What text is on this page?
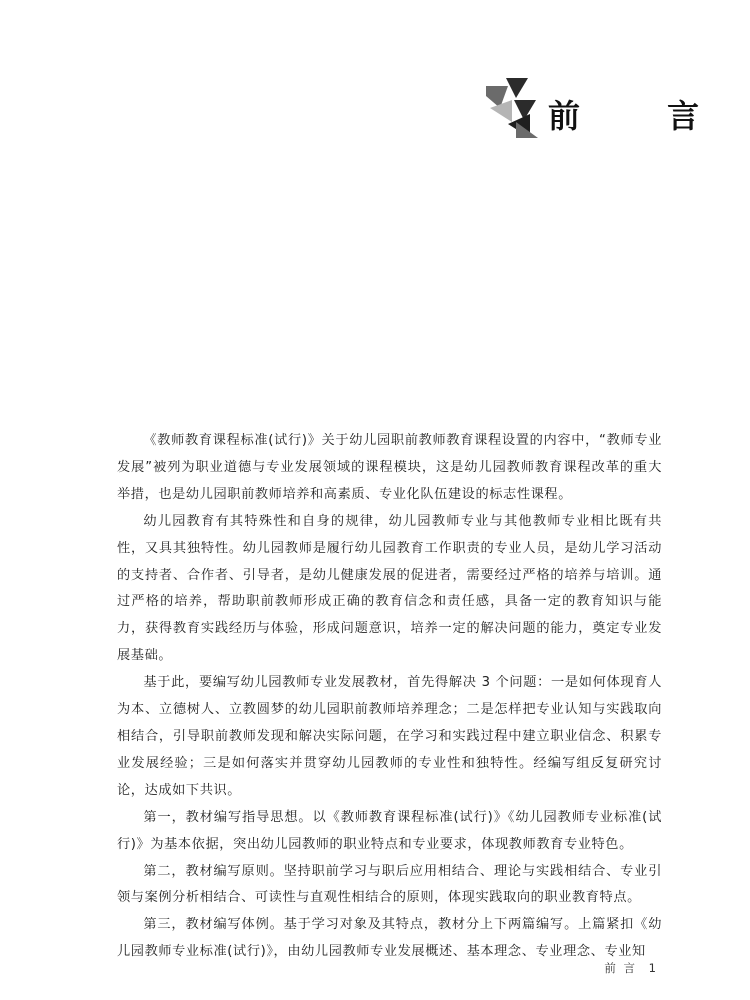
前 言

《教师教育课程标准(试行)》关于幼儿园职前教师教育课程设置的内容中，“教师专业发展”被列为职业道德与专业发展领域的课程模块，这是幼儿园教师教育课程改革的重大举措，也是幼儿园职前教师培养和高素质、专业化队伍建设的标志性课程。

幼儿园教育有其特殊性和自身的规律，幼儿园教师专业与其他教师专业相比既有共性，又具其独特性。幼儿园教师是履行幼儿园教育工作职责的专业人员，是幼儿学习活动的支持者、合作者、引导者，是幼儿健康发展的促进者，需要经过严格的培养与培训。通过严格的培养，帮助职前教师形成正确的教育信念和责任感，具备一定的教育知识与能力，获得教育实践经历与体验，形成问题意识，培养一定的解决问题的能力，奠定专业发展基础。

基于此，要编写幼儿园教师专业发展教材，首先得解决 3 个问题：一是如何体现育人为本、立德树人、立教圆梦的幼儿园职前教师培养理念；二是怎样把专业认知与实践取向相结合，引导职前教师发现和解决实际问题，在学习和实践过程中建立职业信念、积累专业发展经验；三是如何落实并贯穿幼儿园教师的专业性和独特性。经编写组反复研究讨论，达成如下共识。

第一，教材编写指导思想。以《教师教育课程标准(试行)》《幼儿园教师专业标准(试行)》为基本依据，突出幼儿园教师的职业特点和专业要求，体现教师教育专业特色。

第二，教材编写原则。坚持职前学习与职后应用相结合、理论与实践相结合、专业引领与案例分析相结合、可读性与直观性相结合的原则，体现实践取向的职业教育特点。

第三，教材编写体例。基于学习对象及其特点，教材分上下两篇编写。上篇紧扣《幼儿园教师专业标准(试行)》，由幼儿园教师专业发展概述、基本理念、专业理念、专业知

前 言 1
